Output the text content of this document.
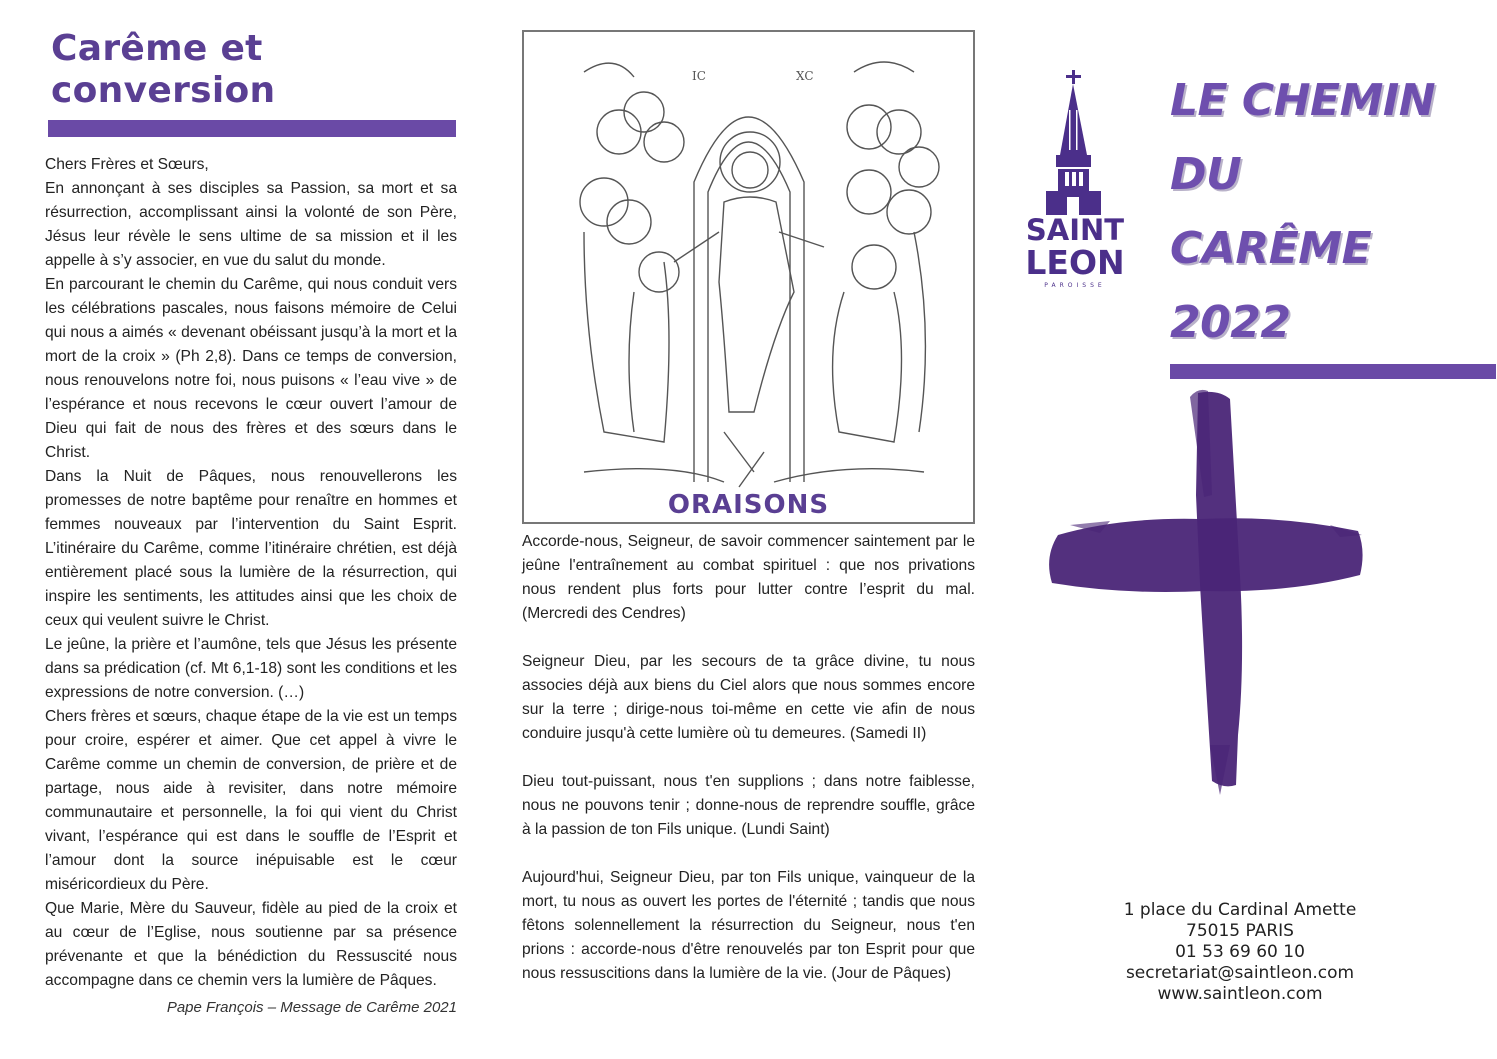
Carême et
conversion

Chers Frères et Sœurs,

En annonçant à ses disciples sa Passion, sa mort et sa résurrection, accomplissant ainsi la volonté de son Père, Jésus leur révèle le sens ultime de sa mission et il les appelle à s’y associer, en vue du salut du monde.

En parcourant le chemin du Carême, qui nous conduit vers les célébrations pascales, nous faisons mémoire de Celui qui nous a aimés « devenant obéissant jusqu’à la mort et la mort de la croix » (Ph 2,8). Dans ce temps de conversion, nous renouvelons notre foi, nous puisons « l’eau vive » de l’espérance et nous recevons le cœur ouvert l’amour de Dieu qui fait de nous des frères et des sœurs dans le Christ.

Dans la Nuit de Pâques, nous renouvellerons les promesses de notre baptême pour renaître en hommes et femmes nouveaux par l’intervention du Saint Esprit. L’itinéraire du Carême, comme l’itinéraire chrétien, est déjà entièrement placé sous la lumière de la résurrection, qui inspire les sentiments, les attitudes ainsi que les choix de ceux qui veulent suivre le Christ.

Le jeûne, la prière et l’aumône, tels que Jésus les présente dans sa prédication (cf. Mt 6,1-18) sont les conditions et les expressions de notre conversion. (…)

Chers frères et sœurs, chaque étape de la vie est un temps pour croire, espérer et aimer. Que cet appel à vivre le Carême comme un chemin de conversion, de prière et de partage, nous aide à revisiter, dans notre mémoire communautaire et personnelle, la foi qui vient du Christ vivant, l’espérance qui est dans le souffle de l’Esprit et l’amour dont la source inépuisable est le cœur miséricordieux du Père.

Que Marie, Mère du Sauveur, fidèle au pied de la croix et au cœur de l’Eglise, nous soutienne par sa présence prévenante et que la bénédiction du Ressuscité nous accompagne dans ce chemin vers la lumière de Pâques.

Pape François – Message de Carême 2021
IC	XC
ORAISONS

Accorde-nous, Seigneur, de savoir commencer saintement par le jeûne l'entraînement au combat spirituel : que nos privations nous rendent plus forts pour lutter contre l’esprit du mal. (Mercredi des Cendres)

Seigneur Dieu, par les secours de ta grâce divine, tu nous associes déjà aux biens du Ciel alors que nous sommes encore sur la terre ; dirige-nous toi-même en cette vie afin de nous conduire jusqu'à cette lumière où tu demeures. (Samedi II)

Dieu tout-puissant, nous t'en supplions ; dans notre faiblesse, nous ne pouvons tenir ; donne-nous de reprendre souffle, grâce à la passion de ton Fils unique. (Lundi Saint)

Aujourd'hui, Seigneur Dieu, par ton Fils unique, vainqueur de la mort, tu nous as ouvert les portes de l'éternité ; tandis que nous fêtons solennellement la résurrection du Seigneur, nous t'en prions : accorde-nous d'être renouvelés par ton Esprit pour que nous ressuscitions dans la lumière de la vie. (Jour de Pâques)

SAINT
LEON
PAROISSE

LE CHEMIN

DU CARÊME

2022

1 place du Cardinal Amette
75015 PARIS
01 53 69 60 10
secretariat@saintleon.com
www.saintleon.com
